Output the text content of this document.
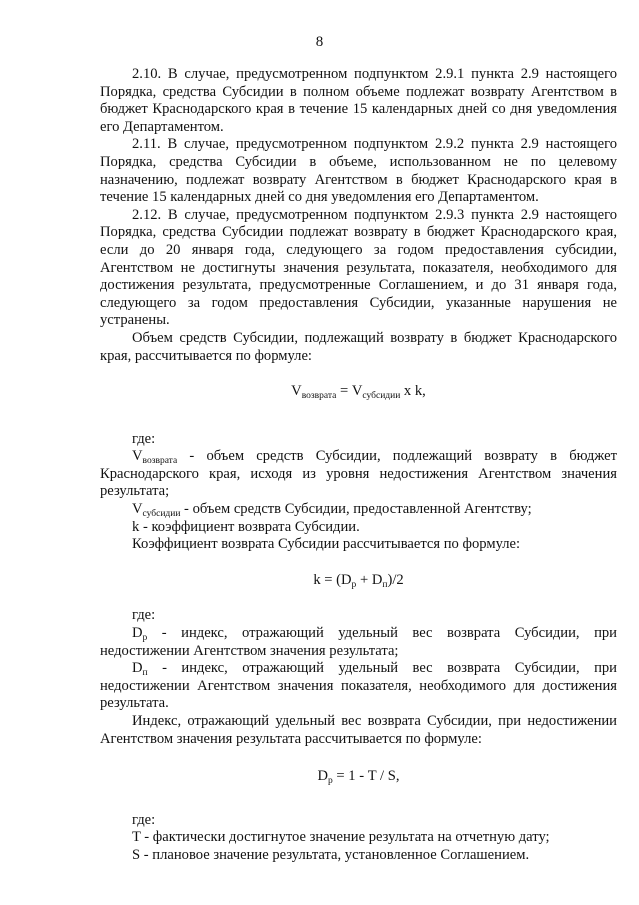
8

2.10. В случае, предусмотренном подпунктом 2.9.1 пункта 2.9 настоящего Порядка, средства Субсидии в полном объеме подлежат возврату Агентством в бюджет Краснодарского края в течение 15 календарных дней со дня уведомления его Департаментом.

2.11. В случае, предусмотренном подпунктом 2.9.2 пункта 2.9 настоящего Порядка, средства Субсидии в объеме, использованном не по целевому назначению, подлежат возврату Агентством в бюджет Краснодарского края в течение 15 календарных дней со дня уведомления его Департаментом.

2.12. В случае, предусмотренном подпунктом 2.9.3 пункта 2.9 настоящего Порядка, средства Субсидии подлежат возврату в бюджет Краснодарского края, если до 20 января года, следующего за годом предоставления субсидии, Агентством не достигнуты значения результата, показателя, необходимого для достижения результата, предусмотренные Соглашением, и до 31 января года, следующего за годом предоставления Субсидии, указанные нарушения не устранены.

Объем средств Субсидии, подлежащий возврату в бюджет Краснодарского края, рассчитывается по формуле:

$V_{возврата} = V_{субсидии}$ x k,

где:

$V_{возврата}$ - объем средств Субсидии, подлежащий возврату в бюджет Краснодарского края, исходя из уровня недостижения Агентством значения результата;

$V_{субсидии}$ - объем средств Субсидии, предоставленной Агентству;

k - коэффициент возврата Субсидии.

Коэффициент возврата Субсидии рассчитывается по формуле:

$k = (D_р + D_п)/2$

где:

$D_р$ - индекс, отражающий удельный вес возврата Субсидии, при недостижении Агентством значения результата;

$D_п$ - индекс, отражающий удельный вес возврата Субсидии, при недостижении Агентством значения показателя, необходимого для достижения результата.

Индекс, отражающий удельный вес возврата Субсидии, при недостижении Агентством значения результата рассчитывается по формуле:

$D_р = 1 - T / S$,

где:

T - фактически достигнутое значение результата на отчетную дату;

S - плановое значение результата, установленное Соглашением.
